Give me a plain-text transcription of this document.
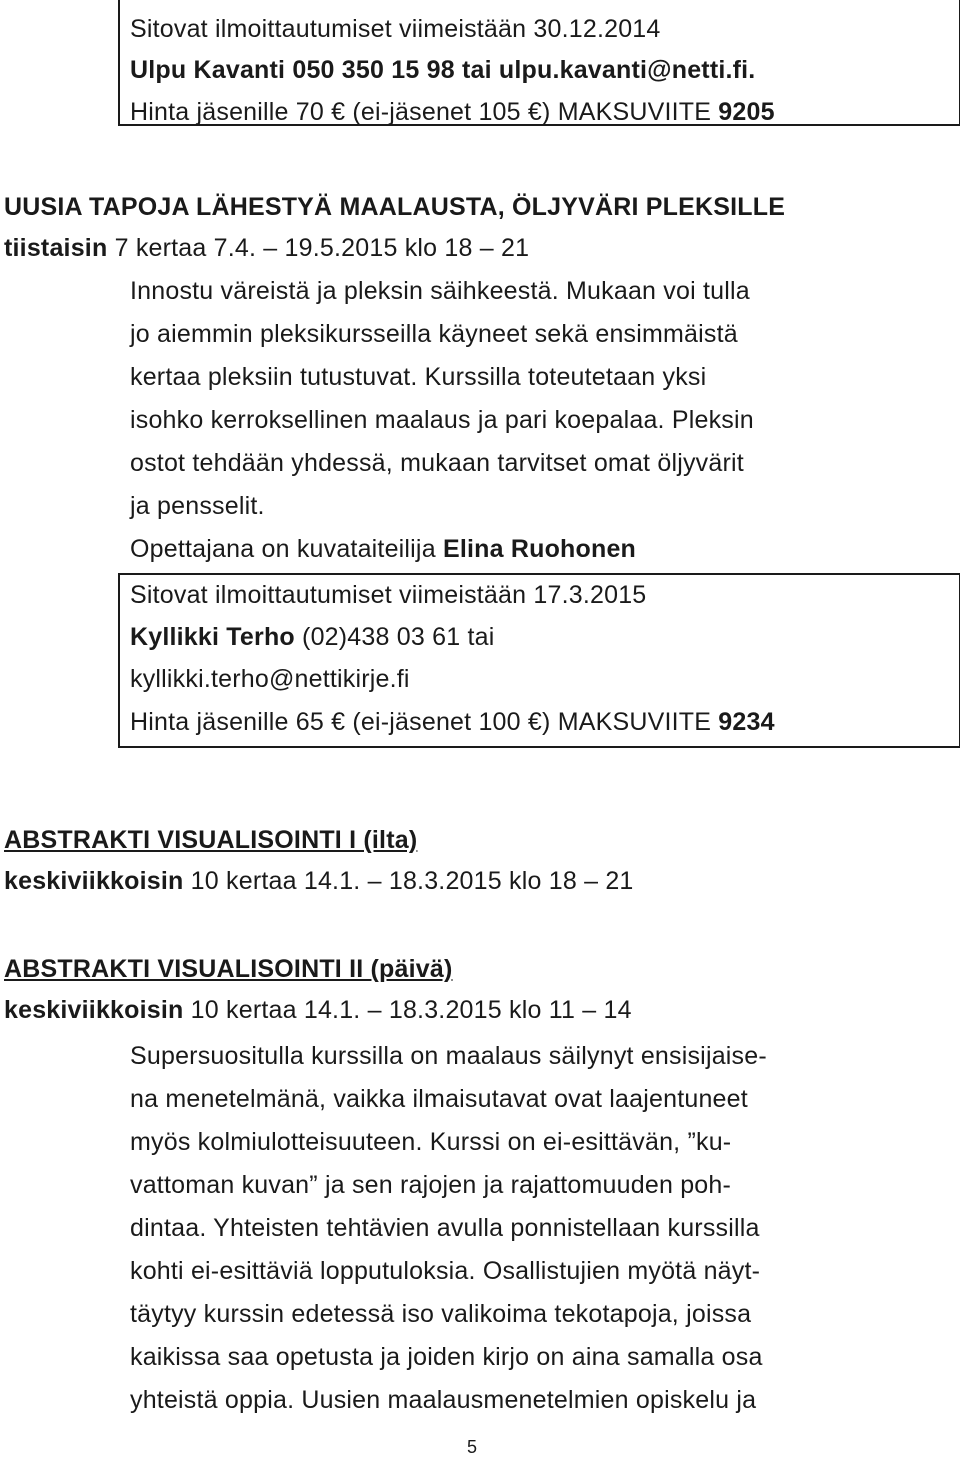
Sitovat ilmoittautumiset viimeistään 30.12.2014
Ulpu Kavanti 050 350 15 98 tai ulpu.kavanti@netti.fi.
Hinta jäsenille 70 € (ei-jäsenet 105 €) MAKSUVIITE 9205
UUSIA TAPOJA LÄHESTYÄ MAALAUSTA, ÖLJYVÄRI PLEKSILLE
tiistaisin 7 kertaa 7.4. – 19.5.2015 klo 18 – 21
Innostu väreistä ja pleksin säihkeestä. Mukaan voi tulla
jo aiemmin pleksikursseilla käyneet sekä ensimmäistä
kertaa pleksiin tutustuvat. Kurssilla toteutetaan yksi
isohko kerroksellinen maalaus ja pari koepalaa. Pleksin
ostot tehdään yhdessä, mukaan tarvitset omat öljyvärit
ja pensselit.
Opettajana on kuvataiteilija Elina Ruohonen
Sitovat ilmoittautumiset viimeistään 17.3.2015
Kyllikki Terho (02)438 03 61 tai
kyllikki.terho@nettikirje.fi
Hinta jäsenille 65 € (ei-jäsenet 100 €) MAKSUVIITE 9234
ABSTRAKTI VISUALISOINTI I (ilta)
keskiviikkoisin 10 kertaa 14.1. – 18.3.2015 klo 18 – 21
ABSTRAKTI VISUALISOINTI II (päivä)
keskiviikkoisin 10 kertaa 14.1. – 18.3.2015 klo 11 – 14
Supersuositulla kurssilla on maalaus säilynyt ensisijaise-
na menetelmänä, vaikka ilmaisutavat ovat laajentuneet
myös kolmiulotteisuuteen. Kurssi on ei-esittävän, ”ku-
vattoman kuvan” ja sen rajojen ja rajattomuuden poh-
dintaa. Yhteisten tehtävien avulla ponnistellaan kurssilla
kohti ei-esittäviä lopputuloksia. Osallistujien myötä näyt-
täytyy kurssin edetessä iso valikoima tekotapoja, joissa
kaikissa saa opetusta ja joiden kirjo on aina samalla osa
yhteistä oppia. Uusien maalausmenetelmien opiskelu ja
5
